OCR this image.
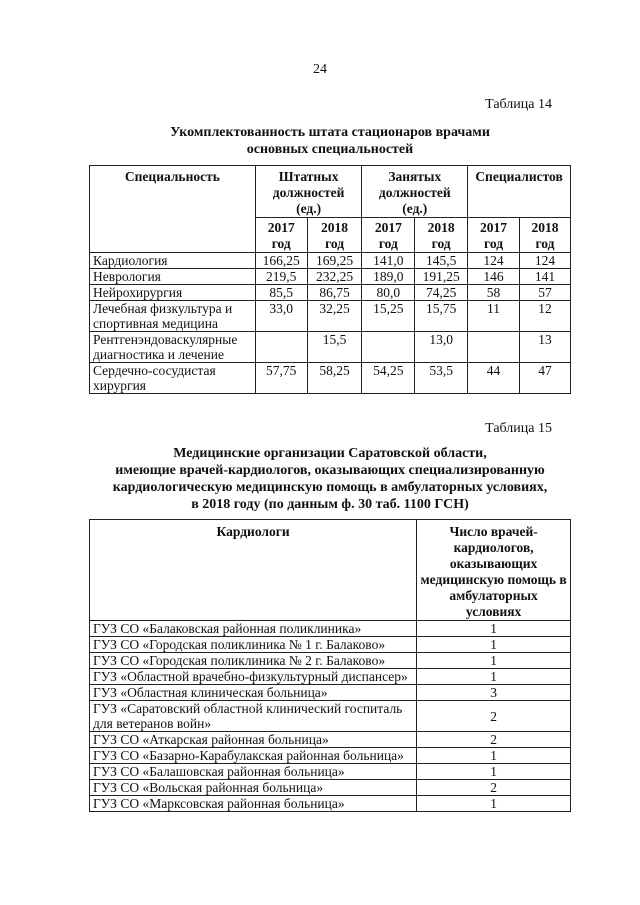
24
Таблица 14
Укомплектованность штата стационаров врачами
основных специальностей
Специальность	Штатных должностей (ед.)		Занятых должностей (ед.)		Специалистов	
	2017 год	2018 год	2017 год	2018 год	2017 год	2018 год
Кардиология	166,25	169,25	141,0	145,5	124	124
Неврология	219,5	232,25	189,0	191,25	146	141
Нейрохирургия	85,5	86,75	80,0	74,25	58	57
Лечебная физкультура и спортивная медицина	33,0	32,25	15,25	15,75	11	12
Рентгенэндоваскулярные диагностика и лечение		15,5		13,0		13
Сердечно-сосудистая хирургия	57,75	58,25	54,25	53,5	44	47
Таблица 15
Медицинские организации Саратовской области,
имеющие врачей-кардиологов, оказывающих специализированную
кардиологическую медицинскую помощь в амбулаторных условиях,
в 2018 году (по данным ф. 30 таб. 1100 ГСН)
Кардиологи	Число врачей-кардиологов, оказывающих медицинскую помощь в амбулаторных условиях
ГУЗ СО «Балаковская районная поликлиника»	1
ГУЗ СО «Городская поликлиника № 1 г. Балаково»	1
ГУЗ СО «Городская поликлиника № 2 г. Балаково»	1
ГУЗ «Областной врачебно-физкультурный диспансер»	1
ГУЗ «Областная клиническая больница»	3
ГУЗ «Саратовский областной клинический госпиталь для ветеранов войн»	2
ГУЗ СО «Аткарская районная больница»	2
ГУЗ СО «Базарно-Карабулакская районная больница»	1
ГУЗ СО «Балашовская районная больница»	1
ГУЗ СО «Вольская районная больница»	2
ГУЗ СО «Марксовская районная больница»	1
